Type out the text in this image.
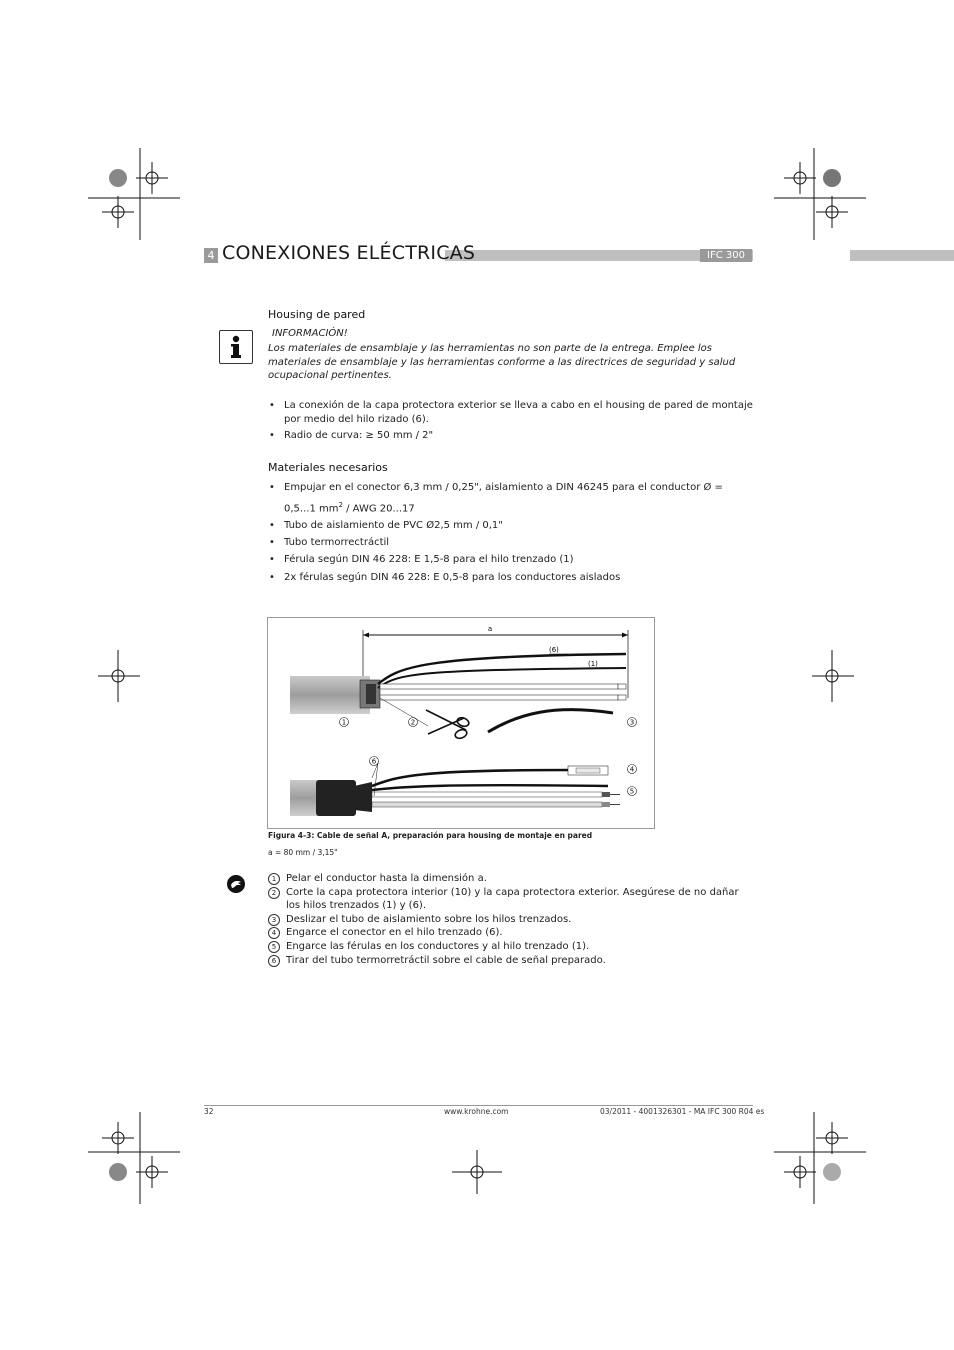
4 CONEXIONES ELÉCTRICAS	IFC 300
Housing de pared
INFORMACIÓN!
Los materiales de ensamblaje y las herramientas no son parte de la entrega. Emplee los
materiales de ensamblaje y las herramientas conforme a las directrices de seguridad y salud
ocupacional pertinentes.
• La conexión de la capa protectora exterior se lleva a cabo en el housing de pared de montaje por medio del hilo rizado (6).
• Radio de curva: ≥ 50 mm / 2"
Materiales necesarios
• Empujar en el conector 6,3 mm / 0,25", aislamiento a DIN 46245 para el conductor Ø =
0,5...1 $mm^2$ / AWG 20...17
• Tubo de aislamiento de PVC Ø2,5 mm / 0,1"
• Tubo termorrectráctil
• Férula según DIN 46 228: E 1,5-8 para el hilo trenzado (1)
• 2x férulas según DIN 46 228: E 0,5-8 para los conductores aislados
a
(6)
(1)
1	2	3
6
4
5
Figura 4-3: Cable de señal A, preparación para housing de montaje en pared
a = 80 mm / 3,15"
1 Pelar el conductor hasta la dimensión a.
2 Corte la capa protectora interior (10) y la capa protectora exterior. Asegúrese de no dañar los hilos trenzados (1) y (6).
3 Deslizar el tubo de aislamiento sobre los hilos trenzados.
4 Engarce el conector en el hilo trenzado (6).
5 Engarce las férulas en los conductores y al hilo trenzado (1).
6 Tirar del tubo termorretráctil sobre el cable de señal preparado.
32	www.krohne.com	03/2011 - 4001326301 - MA IFC 300 R04 es
